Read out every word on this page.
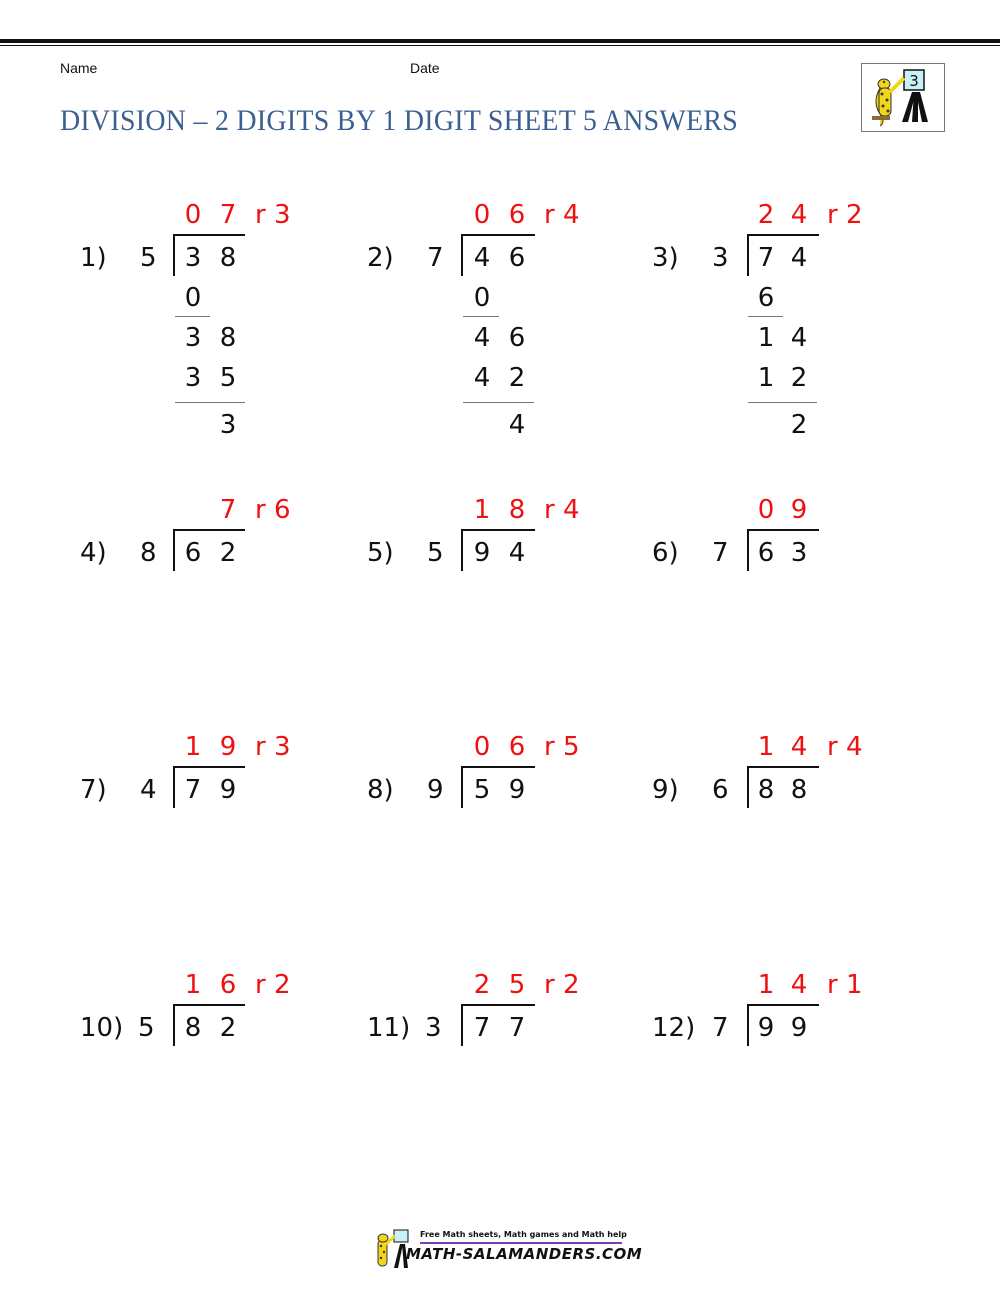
Name	Date
DIVISION – 2 DIGITS BY 1 DIGIT SHEET 5 ANSWERS
3
1) 5
0 7 r 3
3 8
0
3 8
3 5
3
2) 7
0 6 r 4
4 6
0
4 6
4 2
4
3) 3
2 4 r 2
7 4
6
1 4
1 2
2
4) 8
7 r 6
6 2	5) 5
1 8 r 4
9 4	6) 7
0 9
6 3
7) 4
1 9 r 3
7 9	8) 9
0 6 r 5
5 9	9) 6
1 4 r 4
8 8
10) 5
1 6 r 2
8 2	11) 3
2 5 r 2
7 7	12) 7
1 4 r 1
9 9
Free Math sheets, Math games and Math help
MATH-SALAMANDERS.COM
